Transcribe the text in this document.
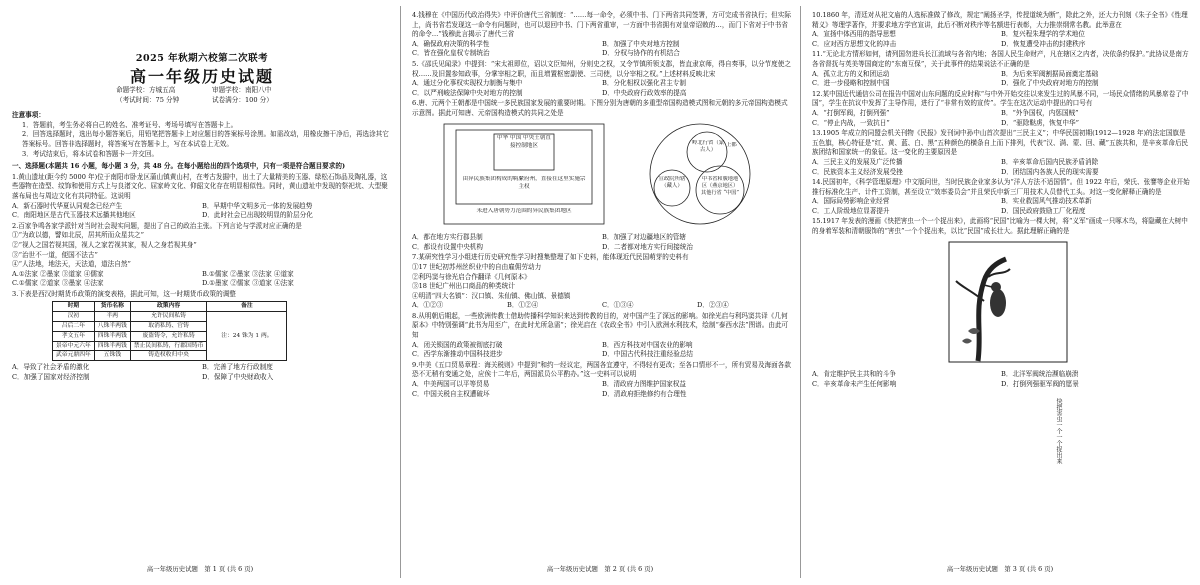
2025 年秋期六校第二次联考
高一年级历史试题
命题学校：方城五高	审题学校：南阳八中
（考试时间：75 分钟	试卷满分：100 分）
注意事项：
1．答题前，考生务必将自己的姓名、准考证号、考场号填写在答题卡上。
2．回答选择题时，选出每小题答案后，用铅笔把答题卡上对应题目的答案标号涂黑。如需改动，用橡皮擦干净后，再选涂其它答案标号。回答非选择题时，将答案写在答题卡上，写在本试卷上无效。
3．考试结束后，将本试卷和答题卡一并交回。
一、选择题(本题共 16 小题，每小题 3 分，共 48 分。在每小题给出的四个选项中，只有一项是符合题目要求的)
1.黄山遗址(距今约 5000 年)位于南阳市卧龙区蒲山镇黄山村，在考古发掘中，出土了大量精美的玉器、绿松石饰品及陶礼器，这些器物在造型、纹饰和使用方式上与良渚文化、屈家岭文化、仰韶文化存在明显相似性。同时，黄山遗址中发现的祭祀坑、大型聚落布局也与周边文化有共同特征。这说明
A．新石器时代华夏认同观念已经产生	B．早期中华文明多元一体的发展趋势
C．南阳地区是古代玉器技术远播其他地区	D．此时社会已出现较明显的阶层分化
2.百家争鸣各家学派针对当时社会现实问题，提出了自己的政治主张。下列言论与学派对应正确的是
①“为政以德，譬如北辰，居其所而众星共之”
②“视人之国若视其国，视人之家若视其家，视人之身若视其身”
③“治世不一道，便国不法古”
④“人法地，地法天，天法道，道法自然”
A.①法家 ②墨家 ③道家 ④儒家	B.①儒家 ②墨家 ③法家 ④道家
C.①儒家 ②道家 ③墨家 ④法家	D.①墨家 ②儒家 ③道家 ④法家
3.下表是西汉时期货币政策的演变表格，据此可知，这一时期货币政策的调整
时期	货币名称	政策内容	备注
汉初	半两	允许民间私铸	注：24 铢为 1 两。
吕后二年	八铢半两钱	取消私铸、官铸	
孝文五年	四铢半两钱	废盗铸令，允许私铸	
景帝中元六年	四铢半两钱	禁止民间私铸，行郡国铸币	
武帝元鼎四年	五铢钱	铸造权收归中央	
A．导致了社会矛盾的激化	B．完善了地方行政制度
C．加强了国家对经济控制	D．保障了中央财政收入
高一年级历史试题　第 1 页 (共 6 页)
4.钱穆在《中国历代政治得失》中评价唐代三省制度：“……每一命令，必须中书、门下两省共同签署，方可完成书省执行；但实际上，尚书省若发现这一命令有问题时，也可以退回中书、门下两省重审，一方面中书省拥有对皇帝诏敕的…，而门下省对于中书省的命令…”钱穆此言揭示了唐代三省
A．确保政府决策的科学性	B．加强了中央对地方控制
C．皆在强化皇权专制统治	D．分权与协作的有机结合
5.《邵氏见闻录》中提到：“宋太祖即位，诏以文臣知州，分则史之权，又令节镇所领支郡，皆直隶京师，得自奏事，以分节度使之权……及旧置参知政事，分掌宰相之职，而且增置枢密副使、三司使，以分宰相之权。”上述材料反映北宋
A．通过分化事权实现权力制衡与集中	B．分化相权以强化君主专制
C．以严刑峻法保障中央对地方的控制	D．中央政府行政效率的提高
6.唐、元两个王朝都是中国统一多民族国家发展的重要时期。下图分别为唐朝的多重型帝国构造模式图和元朝的多元帝国构造模式示意图。据此可知唐、元帝国构造模式的共同之处是
中华 中国 中央王朝直接控制地区
由异民族集团构成的羁縻府州，直接在这里实施宗主权
未进入唐朝势力范围的异民族集团地区
岭北行省（蒙古人）
上都
宣政院所辖（藏人）
中书省和腹地地区（燕京地区）其他行省 “中国”
A．都在地方实行郡县制	B．加强了对边疆地区的管辖
C．都设有设置中央机构	D．二者都对地方实行间接统治
7.某研究性学习小组进行历史研究性学习时搜集整理了如下史料，能体现近代民国萌芽的史料有
①17 世纪初苏州丝织业中的自由雇佣劳动力
②利玛窦与徐光启合作翻译《几何原本》
③18 世纪广州出口商品的种类统计
④明清“四大名镇”：汉口镇、朱仙镇、佛山镇、景德镇
A．①②③	B．①②④	C．①③④	D．②③④
8.从明朝后期起，一些欧洲传教士借助传播科学知识来达到传教的目的，对中国产生了深远的影响。如徐光启与利玛窦共译《几何原本》中特别强调“此书为用至广，在此时尤所急需”；徐光启在《农政全书》中引入欧洲水利技术，绘制“泰西水法”图谱。由此可知
A．闭关锁国的政策被彻底打破	B．西方科技对中国农业的影响
C．西学东渐推动中国科技进步	D．中国古代科技注重经验总结
9.中美《五口贸易章程：海关税则》中提到“和约一经议定，两国各宜遵守，不得轻有更改；至各口情形不一，所有贸易及海面各款恐不无稍有变通之处，应俟十二年后，两国派员公平酌办。”这一史料可以说明
A．中美两国可以平等贸易	B．清政府力图维护国家权益
C．中国关税自主权遭破坏	D．清政府拒绝修约有合理性
高一年级历史试题　第 2 页 (共 6 页)
10.1860 年，清廷对从祀文庙的人选标准做了修改，规定“阐扬圣学，传授道统为断”，除此之外，还大力刊刻《朱子全书》《性理精义》等理学著作，并要求地方学官宣讲，此后不断对秩序等名额进行表彰，大力推崇纲常名教。此举意在
A．宣扬中体西用的指导思想	B．复兴程朱理学的学术地位
C．应对西方思想文化的冲击	D．恢复遭受冲击的封建秩序
11.“无论北方情形如何，请列国勿进兵长江流域与各省内地；各国人民生命财产，凡在辖区之内者，决依条约保护。”此协议是南方各省督抚与英美等国商定的“东南互保”，关于此事件的结果说法不正确的是
A．孤立北方的义和团运动	B．为后来军阀割据局面奠定基础
C．进一步侵略和控制中国	D．强化了中央政府对地方的控制
12.某中国近代通信公司在报告中国对山东问题的反应时称“与中外开始交往以来发生过的风暴不同，一场民众情绪的风暴席卷了中国”，学生在抗议中发挥了主导作用，进行了“非常有效的宣传”。学生在这次运动中提出的口号有
A．“打倒军阀，打倒列强”	B．“外争国权，内惩国贼”
C．“停止内战，一致抗日”	D．“驱除鞑虏，恢复中华”
13.1905 年成立的同盟会机关刊物《民报》发刊词中孙中山首次提出“三民主义”；中华民国初期(1912—1928 年)的法定国旗是五色旗，核心特征是“红、黄、蓝、白、黑”五种颜色的横条自上而下排列，代表“汉、满、蒙、回、藏”五族共和，是辛亥革命后民族团结和国家统一的象征。这一变化的主要原因是
A．三民主义的发展及广泛传播	B．辛亥革命后国内民族矛盾消除
C．民族资本主义经济发展受挫	D．团结国内各族人民的现实需要
14.民国初年，《科学管理原理》中文版问世，当时民族企业家多认为“洋人方法不适国情”。但 1922 年后，荣氏、张謇等企业开始推行标准化生产、计件工资制，甚至设立“效率委员会”并且荣氏申新三厂用技术人员替代工头。对这一变化解释正确的是
A．国际局势影响企业经营	B．实业救国风气推动技术革新
C．工人阶级地位显著提升	D．国民政府鼓励工厂化程度
15.1917 年发表的漫画《快把害虫一个一个捉出来》，此画将“民国”比喻为一棵大树，将“义军”画成一只啄木鸟，将隐藏在大树中的身着军装和清朝服饰的“害虫”一个个捉出来，以比“民国”成长壮大。据此理解正确的是
快把害虫一个一个捉出来
A．肯定维护民主共和的斗争	B．北洋军阀统治濒临崩溃
C．辛亥革命未产生任何影响	D．打倒列强驱军阀的愿景
高一年级历史试题　第 3 页 (共 6 页)
